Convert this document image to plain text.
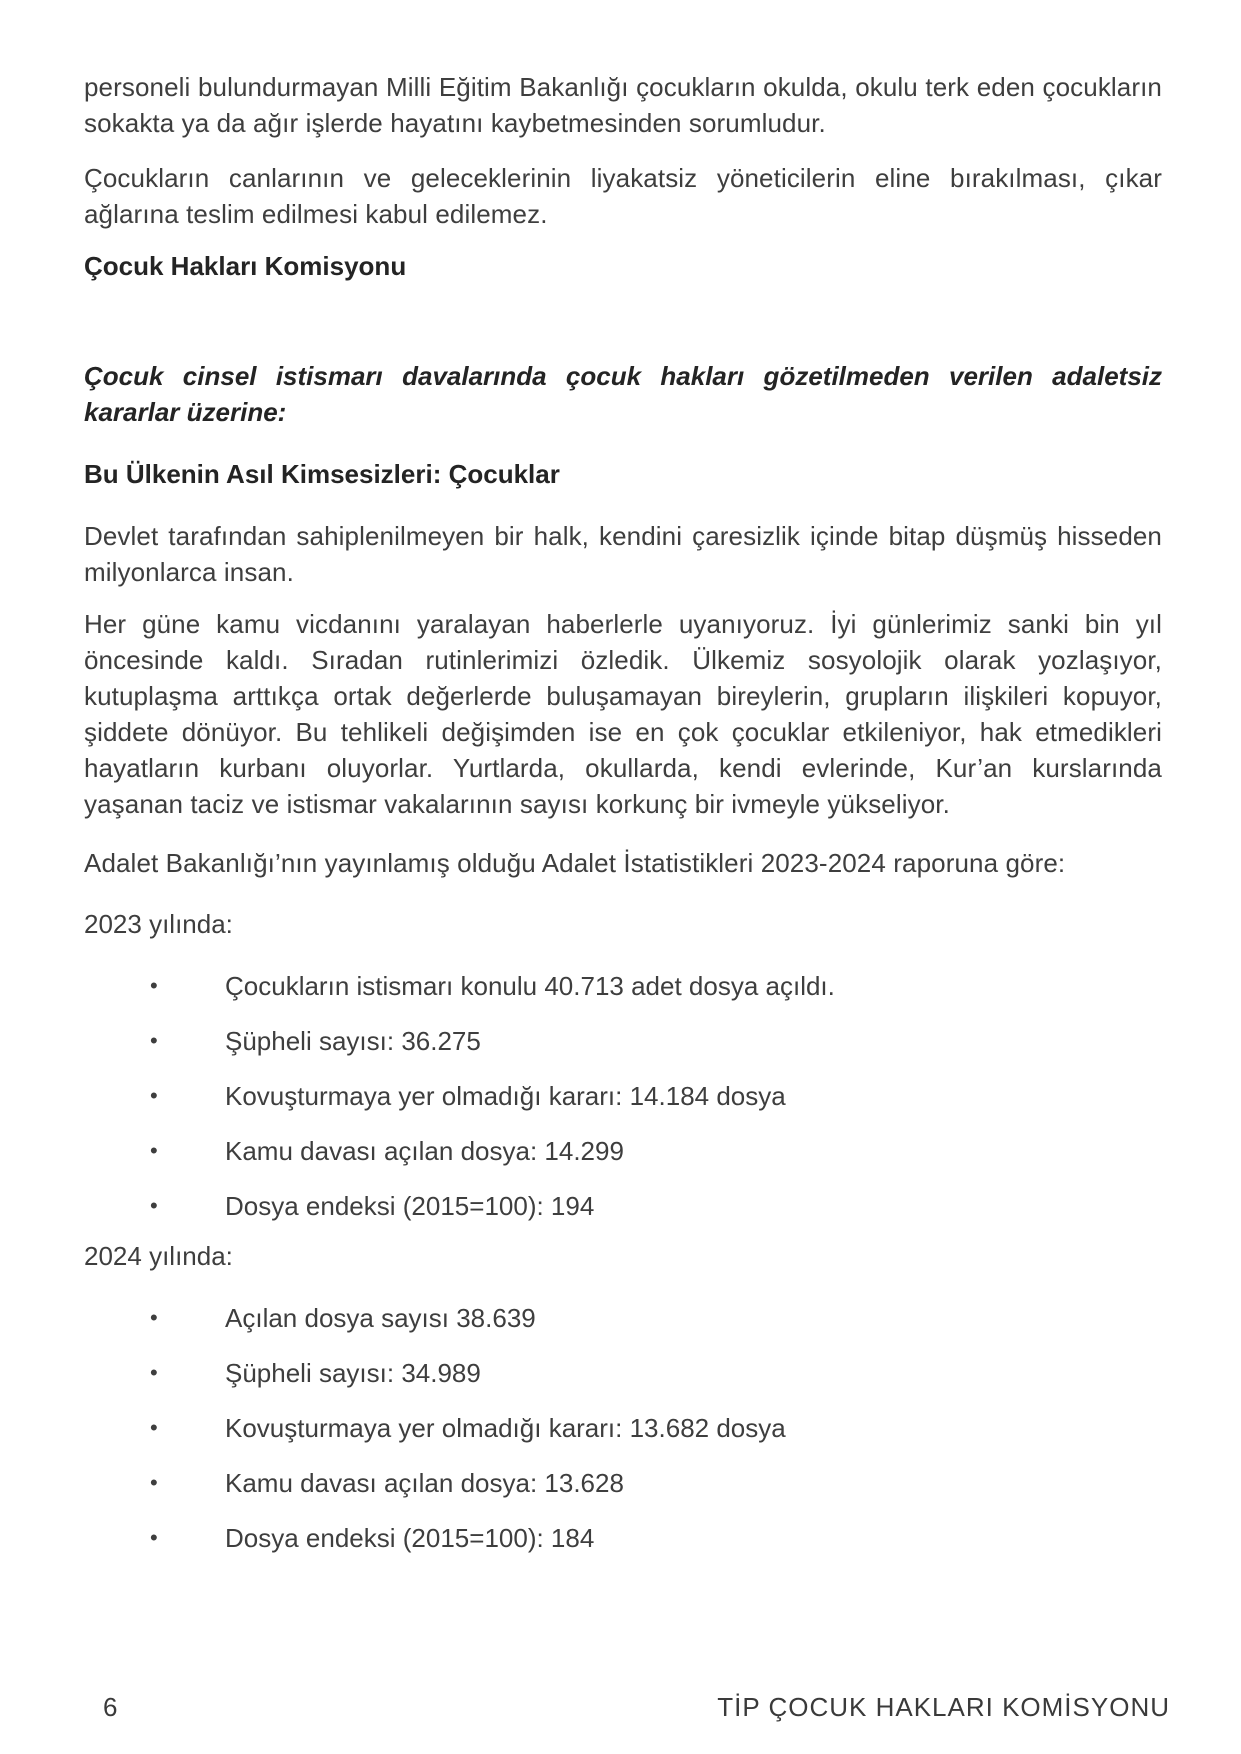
personeli bulundurmayan Milli Eğitim Bakanlığı çocukların okulda, okulu terk eden çocukların sokakta ya da ağır işlerde hayatını kaybetmesinden sorumludur.

Çocukların canlarının ve geleceklerinin liyakatsiz yöneticilerin eline bırakılması, çıkar ağlarına teslim edilmesi kabul edilemez.

Çocuk Hakları Komisyonu

Çocuk cinsel istismarı davalarında çocuk hakları gözetilmeden verilen adaletsiz kararlar üzerine:

Bu Ülkenin Asıl Kimsesizleri: Çocuklar

Devlet tarafından sahiplenilmeyen bir halk, kendini çaresizlik içinde bitap düşmüş hisseden milyonlarca insan.

Her güne kamu vicdanını yaralayan haberlerle uyanıyoruz. İyi günlerimiz sanki bin yıl öncesinde kaldı. Sıradan rutinlerimizi özledik. Ülkemiz sosyolojik olarak yozlaşıyor, kutuplaşma arttıkça ortak değerlerde buluşamayan bireylerin, grupların ilişkileri kopuyor, şiddete dönüyor. Bu tehlikeli değişimden ise en çok çocuklar etkileniyor, hak etmedikleri hayatların kurbanı oluyorlar. Yurtlarda, okullarda, kendi evlerinde, Kur’an kurslarında yaşanan taciz ve istismar vakalarının sayısı korkunç bir ivmeyle yükseliyor.

Adalet Bakanlığı’nın yayınlamış olduğu Adalet İstatistikleri 2023-2024 raporuna göre:

2023 yılında:

•	Çocukların istismarı konulu 40.713 adet dosya açıldı.
•	Şüpheli sayısı: 36.275
•	Kovuşturmaya yer olmadığı kararı: 14.184 dosya
•	Kamu davası açılan dosya: 14.299
•	Dosya endeksi (2015=100): 194

2024 yılında:

•	Açılan dosya sayısı 38.639
•	Şüpheli sayısı: 34.989
•	Kovuşturmaya yer olmadığı kararı: 13.682 dosya
•	Kamu davası açılan dosya: 13.628
•	Dosya endeksi (2015=100): 184
6	TİP ÇOCUK HAKLARI KOMİSYONU
